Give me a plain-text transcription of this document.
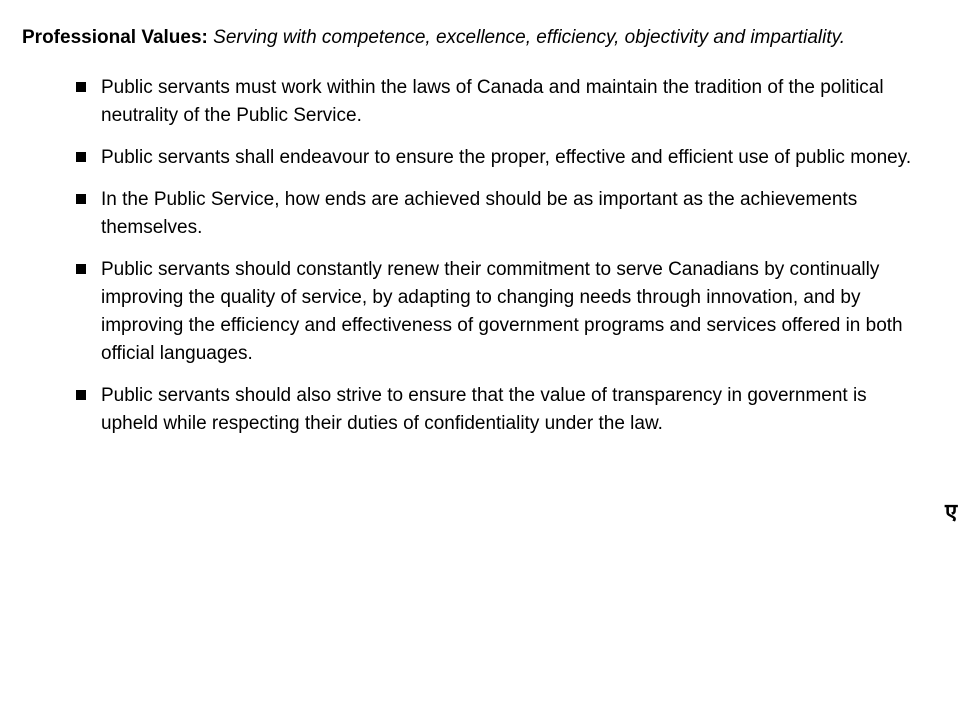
Professional Values: Serving with competence, excellence, efficiency, objectivity and impartiality.

Public servants must work within the laws of Canada and maintain the tradition of the political neutrality of the Public Service.
Public servants shall endeavour to ensure the proper, effective and efficient use of public money.
In the Public Service, how ends are achieved should be as important as the achievements themselves.
Public servants should constantly renew their commitment to serve Canadians by continually improving the quality of service, by adapting to changing needs through innovation, and by improving the efficiency and effectiveness of government programs and services offered in both official languages.
Public servants should also strive to ensure that the value of transparency in government is upheld while respecting their duties of confidentiality under the law.
ए
